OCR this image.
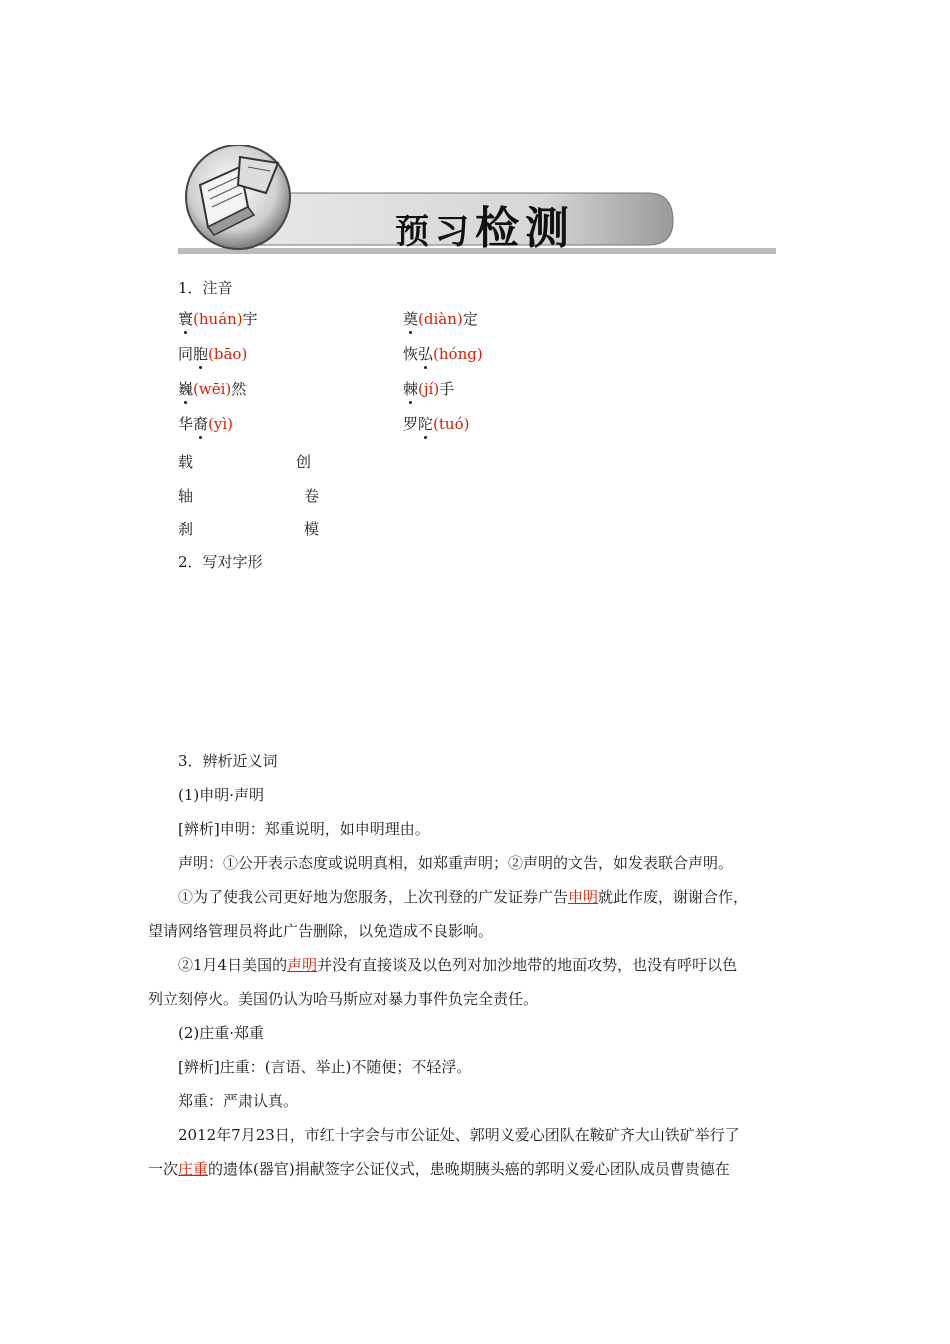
预习检测
1．注音
寰(huán)宇	奠(diàn)定
同胞(bāo)	恢弘(hóng)
巍(wēi)然	棘(jí)手
华裔(yì)	罗陀(tuó)
载	创
轴	卷
刹	模
2．写对字形
3．辨析近义词
(1)申明·声明
[辨析]申明：郑重说明，如申明理由。
声明：①公开表示态度或说明真相，如郑重声明；②声明的文告，如发表联合声明。
①为了使我公司更好地为您服务，上次刊登的广发证券广告申明就此作废，谢谢合作，
望请网络管理员将此广告删除，以免造成不良影响。
②1月4日美国的声明并没有直接谈及以色列对加沙地带的地面攻势，也没有呼吁以色
列立刻停火。美国仍认为哈马斯应对暴力事件负完全责任。
(2)庄重·郑重
[辨析]庄重：(言语、举止)不随便；不轻浮。
郑重：严肃认真。
2012年7月23日，市红十字会与市公证处、郭明义爱心团队在鞍矿齐大山铁矿举行了
一次庄重的遗体(器官)捐献签字公证仪式，患晚期胰头癌的郭明义爱心团队成员曹贵德在
